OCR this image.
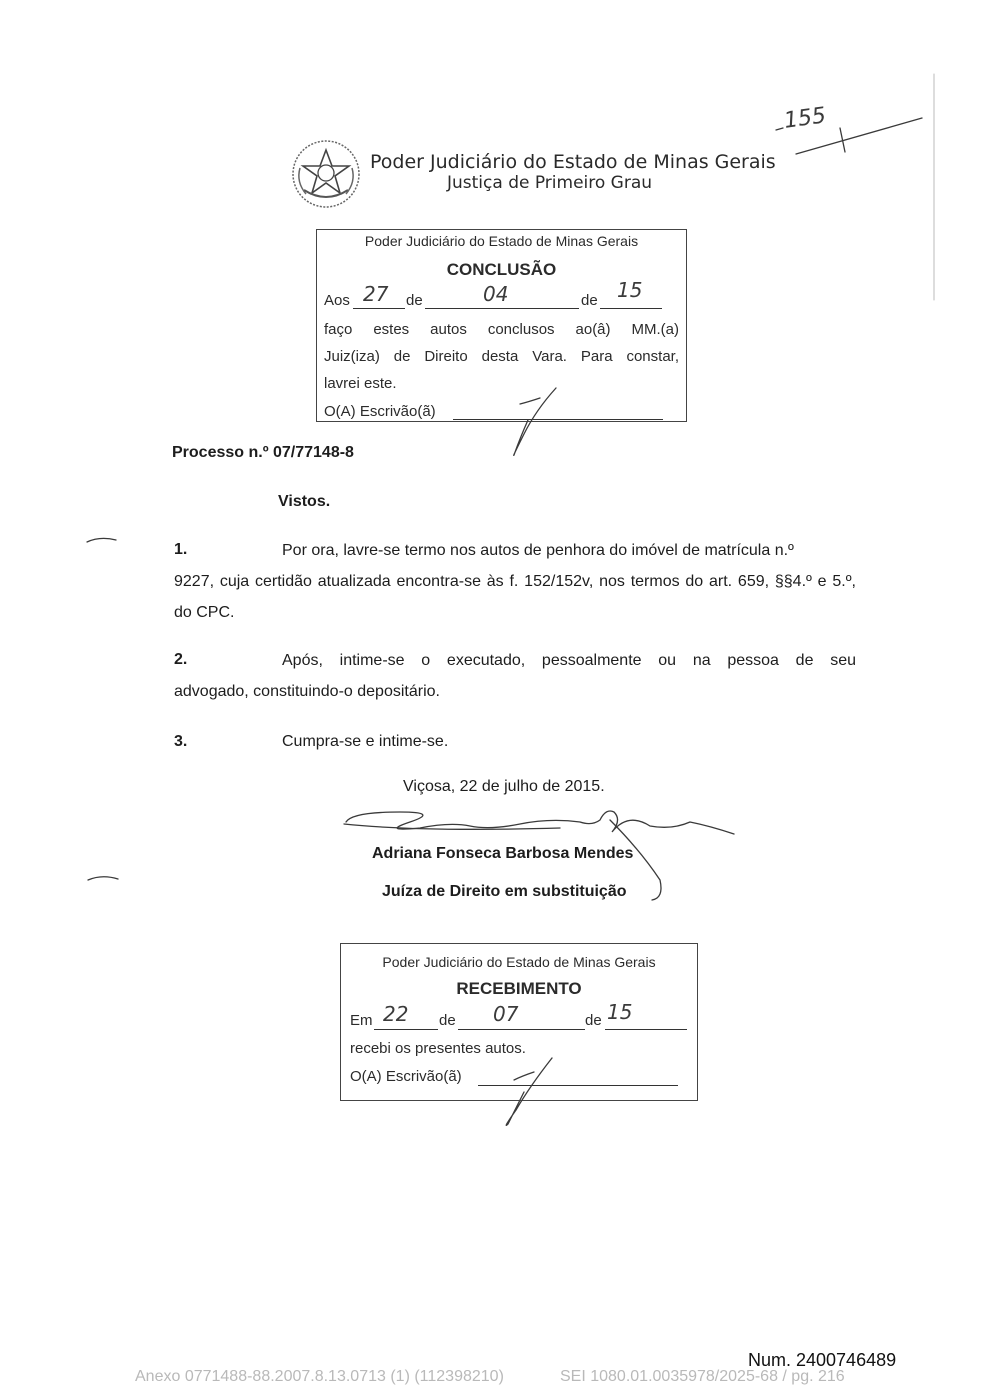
155
Poder Judiciário do Estado de Minas Gerais
Justiça de Primeiro Grau
Poder Judiciário do Estado de Minas Gerais
CONCLUSÃO
Aos 27 de	04	de 15
faço estes autos conclusos ao(â) MM.(a)
Juiz(iza) de Direito desta Vara. Para constar,
lavrei este.
O(A) Escrivão(ã)
Processo n.º 07/77148-8
Vistos.
1.	Por ora, lavre-se termo nos autos de penhora do imóvel de matrícula n.º
9227, cuja certidão atualizada encontra-se às f. 152/152v, nos termos do art. 659, §§4.º e 5.º, do CPC.
2.	Após, intime-se o executado, pessoalmente ou na pessoa de seu
advogado, constituindo-o depositário.
3.	Cumpra-se e intime-se.
Viçosa, 22 de julho de 2015.
Adriana Fonseca Barbosa Mendes
Juíza de Direito em substituição
Poder Judiciário do Estado de Minas Gerais
RECEBIMENTO
Em 22 de 07	de 15
recebi os presentes autos.
O(A) Escrivão(ã)
Num. 2400746489
Anexo 0771488-88.2007.8.13.0713 (1) (112398210)	SEI 1080.01.0035978/2025-68 / pg. 216
